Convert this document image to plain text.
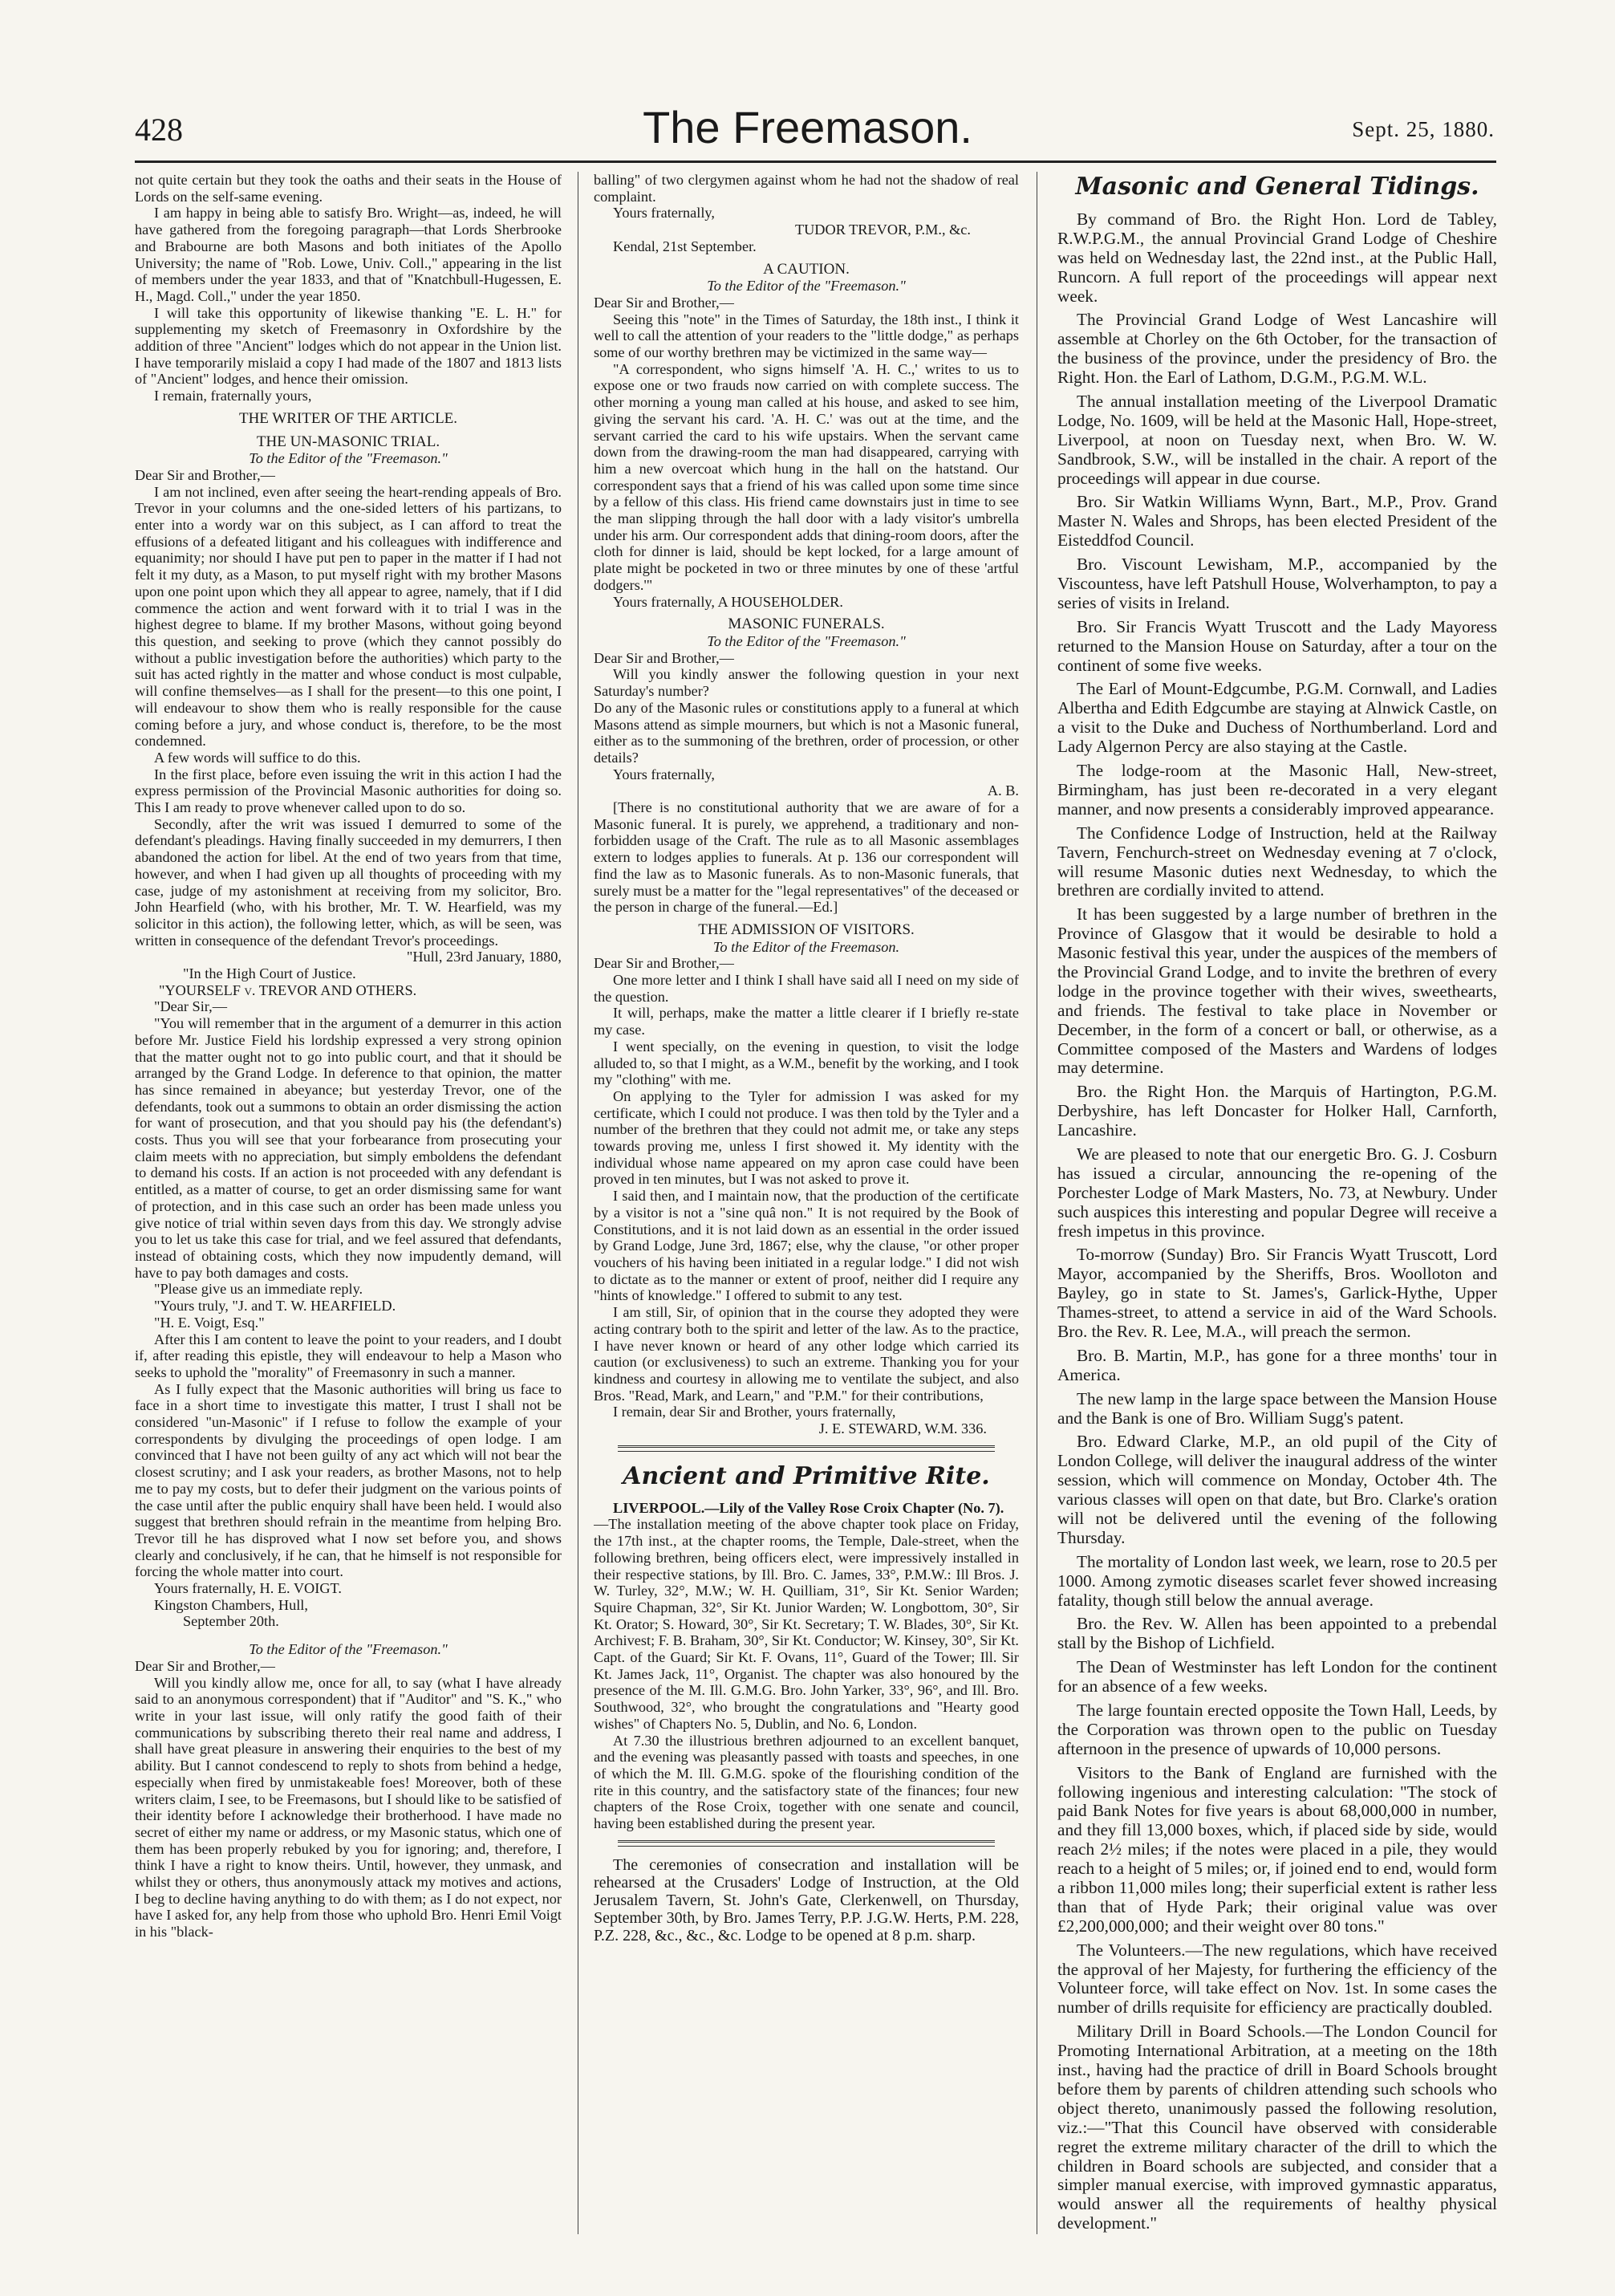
428	The Freemason.	Sept. 25, 1880.

not quite certain but they took the oaths and their seats in the House of Lords on the self-same evening.

I am happy in being able to satisfy Bro. Wright—as, indeed, he will have gathered from the foregoing paragraph—that Lords Sherbrooke and Brabourne are both Masons and both initiates of the Apollo University; the name of "Rob. Lowe, Univ. Coll.," appearing in the list of members under the year 1833, and that of "Knatchbull-Hugessen, E. H., Magd. Coll.," under the year 1850.

I will take this opportunity of likewise thanking "E. L. H." for supplementing my sketch of Freemasonry in Oxfordshire by the addition of three "Ancient" lodges which do not appear in the Union list. I have temporarily mislaid a copy I had made of the 1807 and 1813 lists of "Ancient" lodges, and hence their omission.

I remain, fraternally yours,

THE WRITER OF THE ARTICLE.

THE UN-MASONIC TRIAL.

To the Editor of the "Freemason."

Dear Sir and Brother,—

I am not inclined, even after seeing the heart-rending appeals of Bro. Trevor in your columns and the one-sided letters of his partizans, to enter into a wordy war on this subject, as I can afford to treat the effusions of a defeated litigant and his colleagues with indifference and equanimity; nor should I have put pen to paper in the matter if I had not felt it my duty, as a Mason, to put myself right with my brother Masons upon one point upon which they all appear to agree, namely, that if I did commence the action and went forward with it to trial I was in the highest degree to blame. If my brother Masons, without going beyond this question, and seeking to prove (which they cannot possibly do without a public investigation before the authorities) which party to the suit has acted rightly in the matter and whose conduct is most culpable, will confine themselves—as I shall for the present—to this one point, I will endeavour to show them who is really responsible for the cause coming before a jury, and whose conduct is, therefore, to be the most condemned.

A few words will suffice to do this.

In the first place, before even issuing the writ in this action I had the express permission of the Provincial Masonic authorities for doing so. This I am ready to prove whenever called upon to do so.

Secondly, after the writ was issued I demurred to some of the defendant's pleadings. Having finally succeeded in my demurrers, I then abandoned the action for libel. At the end of two years from that time, however, and when I had given up all thoughts of proceeding with my case, judge of my astonishment at receiving from my solicitor, Bro. John Hearfield (who, with his brother, Mr. T. W. Hearfield, was my solicitor in this action), the following letter, which, as will be seen, was written in consequence of the defendant Trevor's proceedings.

"Hull, 23rd January, 1880,

"In the High Court of Justice.

"YOURSELF v. TREVOR AND OTHERS.

"Dear Sir,—

"You will remember that in the argument of a demurrer in this action before Mr. Justice Field his lordship expressed a very strong opinion that the matter ought not to go into public court, and that it should be arranged by the Grand Lodge. In deference to that opinion, the matter has since remained in abeyance; but yesterday Trevor, one of the defendants, took out a summons to obtain an order dismissing the action for want of prosecution, and that you should pay his (the defendant's) costs. Thus you will see that your forbearance from prosecuting your claim meets with no appreciation, but simply emboldens the defendant to demand his costs. If an action is not proceeded with any defendant is entitled, as a matter of course, to get an order dismissing same for want of protection, and in this case such an order has been made unless you give notice of trial within seven days from this day. We strongly advise you to let us take this case for trial, and we feel assured that defendants, instead of obtaining costs, which they now impudently demand, will have to pay both damages and costs.

"Please give us an immediate reply.

"Yours truly, "J. and T. W. HEARFIELD.

"H. E. Voigt, Esq."

After this I am content to leave the point to your readers, and I doubt if, after reading this epistle, they will endeavour to help a Mason who seeks to uphold the "morality" of Freemasonry in such a manner.

As I fully expect that the Masonic authorities will bring us face to face in a short time to investigate this matter, I trust I shall not be considered "un-Masonic" if I refuse to follow the example of your correspondents by divulging the proceedings of open lodge. I am convinced that I have not been guilty of any act which will not bear the closest scrutiny; and I ask your readers, as brother Masons, not to help me to pay my costs, but to defer their judgment on the various points of the case until after the public enquiry shall have been held. I would also suggest that brethren should refrain in the meantime from helping Bro. Trevor till he has disproved what I now set before you, and shows clearly and conclusively, if he can, that he himself is not responsible for forcing the whole matter into court.

Yours fraternally, H. E. VOIGT.

Kingston Chambers, Hull,

September 20th.

To the Editor of the "Freemason."

Dear Sir and Brother,—

Will you kindly allow me, once for all, to say (what I have already said to an anonymous correspondent) that if "Auditor" and "S. K.," who write in your last issue, will only ratify the good faith of their communications by subscribing thereto their real name and address, I shall have great pleasure in answering their enquiries to the best of my ability. But I cannot condescend to reply to shots from behind a hedge, especially when fired by unmistakeable foes! Moreover, both of these writers claim, I see, to be Freemasons, but I should like to be satisfied of their identity before I acknowledge their brotherhood. I have made no secret of either my name or address, or my Masonic status, which one of them has been properly rebuked by you for ignoring; and, therefore, I think I have a right to know theirs. Until, however, they unmask, and whilst they or others, thus anonymously attack my motives and actions, I beg to decline having anything to do with them; as I do not expect, nor have I asked for, any help from those who uphold Bro. Henri Emil Voigt in his "black-

balling" of two clergymen against whom he had not the shadow of real complaint.

Yours fraternally,

TUDOR TREVOR, P.M., &c.

Kendal, 21st September.

A CAUTION.

To the Editor of the "Freemason."

Dear Sir and Brother,—

Seeing this "note" in the Times of Saturday, the 18th inst., I think it well to call the attention of your readers to the "little dodge," as perhaps some of our worthy brethren may be victimized in the same way—

"A correspondent, who signs himself 'A. H. C.,' writes to us to expose one or two frauds now carried on with complete success. The other morning a young man called at his house, and asked to see him, giving the servant his card. 'A. H. C.' was out at the time, and the servant carried the card to his wife upstairs. When the servant came down from the drawing-room the man had disappeared, carrying with him a new overcoat which hung in the hall on the hatstand. Our correspondent says that a friend of his was called upon some time since by a fellow of this class. His friend came downstairs just in time to see the man slipping through the hall door with a lady visitor's umbrella under his arm. Our correspondent adds that dining-room doors, after the cloth for dinner is laid, should be kept locked, for a large amount of plate might be pocketed in two or three minutes by one of these 'artful dodgers.'"

Yours fraternally, A HOUSEHOLDER.

MASONIC FUNERALS.

To the Editor of the "Freemason."

Dear Sir and Brother,—

Will you kindly answer the following question in your next Saturday's number?

Do any of the Masonic rules or constitutions apply to a funeral at which Masons attend as simple mourners, but which is not a Masonic funeral, either as to the summoning of the brethren, order of procession, or other details?

Yours fraternally,

A. B.

[There is no constitutional authority that we are aware of for a Masonic funeral. It is purely, we apprehend, a traditionary and non-forbidden usage of the Craft. The rule as to all Masonic assemblages extern to lodges applies to funerals. At p. 136 our correspondent will find the law as to Masonic funerals. As to non-Masonic funerals, that surely must be a matter for the "legal representatives" of the deceased or the person in charge of the funeral.—Ed.]

THE ADMISSION OF VISITORS.

To the Editor of the Freemason.

Dear Sir and Brother,—

One more letter and I think I shall have said all I need on my side of the question.

It will, perhaps, make the matter a little clearer if I briefly re-state my case.

I went specially, on the evening in question, to visit the lodge alluded to, so that I might, as a W.M., benefit by the working, and I took my "clothing" with me.

On applying to the Tyler for admission I was asked for my certificate, which I could not produce. I was then told by the Tyler and a number of the brethren that they could not admit me, or take any steps towards proving me, unless I first showed it. My identity with the individual whose name appeared on my apron case could have been proved in ten minutes, but I was not asked to prove it.

I said then, and I maintain now, that the production of the certificate by a visitor is not a "sine quâ non." It is not required by the Book of Constitutions, and it is not laid down as an essential in the order issued by Grand Lodge, June 3rd, 1867; else, why the clause, "or other proper vouchers of his having been initiated in a regular lodge." I did not wish to dictate as to the manner or extent of proof, neither did I require any "hints of knowledge." I offered to submit to any test.

I am still, Sir, of opinion that in the course they adopted they were acting contrary both to the spirit and letter of the law. As to the practice, I have never known or heard of any other lodge which carried its caution (or exclusiveness) to such an extreme. Thanking you for your kindness and courtesy in allowing me to ventilate the subject, and also Bros. "Read, Mark, and Learn," and "P.M." for their contributions,

I remain, dear Sir and Brother, yours fraternally,

J. E. STEWARD, W.M. 336.

Ancient and Primitive Rite.

LIVERPOOL.—Lily of the Valley Rose Croix Chapter (No. 7).

—The installation meeting of the above chapter took place on Friday, the 17th inst., at the chapter rooms, the Temple, Dale-street, when the following brethren, being officers elect, were impressively installed in their respective stations, by Ill. Bro. C. James, 33°, P.M.W.: Ill Bros. J. W. Turley, 32°, M.W.; W. H. Quilliam, 31°, Sir Kt. Senior Warden; Squire Chapman, 32°, Sir Kt. Junior Warden; W. Longbottom, 30°, Sir Kt. Orator; S. Howard, 30°, Sir Kt. Secretary; T. W. Blades, 30°, Sir Kt. Archivest; F. B. Braham, 30°, Sir Kt. Conductor; W. Kinsey, 30°, Sir Kt. Capt. of the Guard; Sir Kt. F. Ovans, 11°, Guard of the Tower; Ill. Sir Kt. James Jack, 11°, Organist. The chapter was also honoured by the presence of the M. Ill. G.M.G. Bro. John Yarker, 33°, 96°, and Ill. Bro. Southwood, 32°, who brought the congratulations and "Hearty good wishes" of Chapters No. 5, Dublin, and No. 6, London.

At 7.30 the illustrious brethren adjourned to an excellent banquet, and the evening was pleasantly passed with toasts and speeches, in one of which the M. Ill. G.M.G. spoke of the flourishing condition of the rite in this country, and the satisfactory state of the finances; four new chapters of the Rose Croix, together with one senate and council, having been established during the present year.

The ceremonies of consecration and installation will be rehearsed at the Crusaders' Lodge of Instruction, at the Old Jerusalem Tavern, St. John's Gate, Clerkenwell, on Thursday, September 30th, by Bro. James Terry, P.P. J.G.W. Herts, P.M. 228, P.Z. 228, &c., &c., &c. Lodge to be opened at 8 p.m. sharp.

Masonic and General Tidings.

By command of Bro. the Right Hon. Lord de Tabley, R.W.P.G.M., the annual Provincial Grand Lodge of Cheshire was held on Wednesday last, the 22nd inst., at the Public Hall, Runcorn. A full report of the proceedings will appear next week.

The Provincial Grand Lodge of West Lancashire will assemble at Chorley on the 6th October, for the transaction of the business of the province, under the presidency of Bro. the Right. Hon. the Earl of Lathom, D.G.M., P.G.M. W.L.

The annual installation meeting of the Liverpool Dramatic Lodge, No. 1609, will be held at the Masonic Hall, Hope-street, Liverpool, at noon on Tuesday next, when Bro. W. W. Sandbrook, S.W., will be installed in the chair. A report of the proceedings will appear in due course.

Bro. Sir Watkin Williams Wynn, Bart., M.P., Prov. Grand Master N. Wales and Shrops, has been elected President of the Eisteddfod Council.

Bro. Viscount Lewisham, M.P., accompanied by the Viscountess, have left Patshull House, Wolverhampton, to pay a series of visits in Ireland.

Bro. Sir Francis Wyatt Truscott and the Lady Mayoress returned to the Mansion House on Saturday, after a tour on the continent of some five weeks.

The Earl of Mount-Edgcumbe, P.G.M. Cornwall, and Ladies Albertha and Edith Edgcumbe are staying at Alnwick Castle, on a visit to the Duke and Duchess of Northumberland. Lord and Lady Algernon Percy are also staying at the Castle.

The lodge-room at the Masonic Hall, New-street, Birmingham, has just been re-decorated in a very elegant manner, and now presents a considerably improved appearance.

The Confidence Lodge of Instruction, held at the Railway Tavern, Fenchurch-street on Wednesday evening at 7 o'clock, will resume Masonic duties next Wednesday, to which the brethren are cordially invited to attend.

It has been suggested by a large number of brethren in the Province of Glasgow that it would be desirable to hold a Masonic festival this year, under the auspices of the members of the Provincial Grand Lodge, and to invite the brethren of every lodge in the province together with their wives, sweethearts, and friends. The festival to take place in November or December, in the form of a concert or ball, or otherwise, as a Committee composed of the Masters and Wardens of lodges may determine.

Bro. the Right Hon. the Marquis of Hartington, P.G.M. Derbyshire, has left Doncaster for Holker Hall, Carnforth, Lancashire.

We are pleased to note that our energetic Bro. G. J. Cosburn has issued a circular, announcing the re-opening of the Porchester Lodge of Mark Masters, No. 73, at Newbury. Under such auspices this interesting and popular Degree will receive a fresh impetus in this province.

To-morrow (Sunday) Bro. Sir Francis Wyatt Truscott, Lord Mayor, accompanied by the Sheriffs, Bros. Woolloton and Bayley, go in state to St. James's, Garlick-Hythe, Upper Thames-street, to attend a service in aid of the Ward Schools. Bro. the Rev. R. Lee, M.A., will preach the sermon.

Bro. B. Martin, M.P., has gone for a three months' tour in America.

The new lamp in the large space between the Mansion House and the Bank is one of Bro. William Sugg's patent.

Bro. Edward Clarke, M.P., an old pupil of the City of London College, will deliver the inaugural address of the winter session, which will commence on Monday, October 4th. The various classes will open on that date, but Bro. Clarke's oration will not be delivered until the evening of the following Thursday.

The mortality of London last week, we learn, rose to 20.5 per 1000. Among zymotic diseases scarlet fever showed increasing fatality, though still below the annual average.

Bro. the Rev. W. Allen has been appointed to a prebendal stall by the Bishop of Lichfield.

The Dean of Westminster has left London for the continent for an absence of a few weeks.

The large fountain erected opposite the Town Hall, Leeds, by the Corporation was thrown open to the public on Tuesday afternoon in the presence of upwards of 10,000 persons.

Visitors to the Bank of England are furnished with the following ingenious and interesting calculation: "The stock of paid Bank Notes for five years is about 68,000,000 in number, and they fill 13,000 boxes, which, if placed side by side, would reach 2½ miles; if the notes were placed in a pile, they would reach to a height of 5 miles; or, if joined end to end, would form a ribbon 11,000 miles long; their superficial extent is rather less than that of Hyde Park; their original value was over £2,200,000,000; and their weight over 80 tons."

The Volunteers.—The new regulations, which have received the approval of her Majesty, for furthering the efficiency of the Volunteer force, will take effect on Nov. 1st. In some cases the number of drills requisite for efficiency are practically doubled.

Military Drill in Board Schools.—The London Council for Promoting International Arbitration, at a meeting on the 18th inst., having had the practice of drill in Board Schools brought before them by parents of children attending such schools who object thereto, unanimously passed the following resolution, viz.:—"That this Council have observed with considerable regret the extreme military character of the drill to which the children in Board schools are subjected, and consider that a simpler manual exercise, with improved gymnastic apparatus, would answer all the requirements of healthy physical development."
